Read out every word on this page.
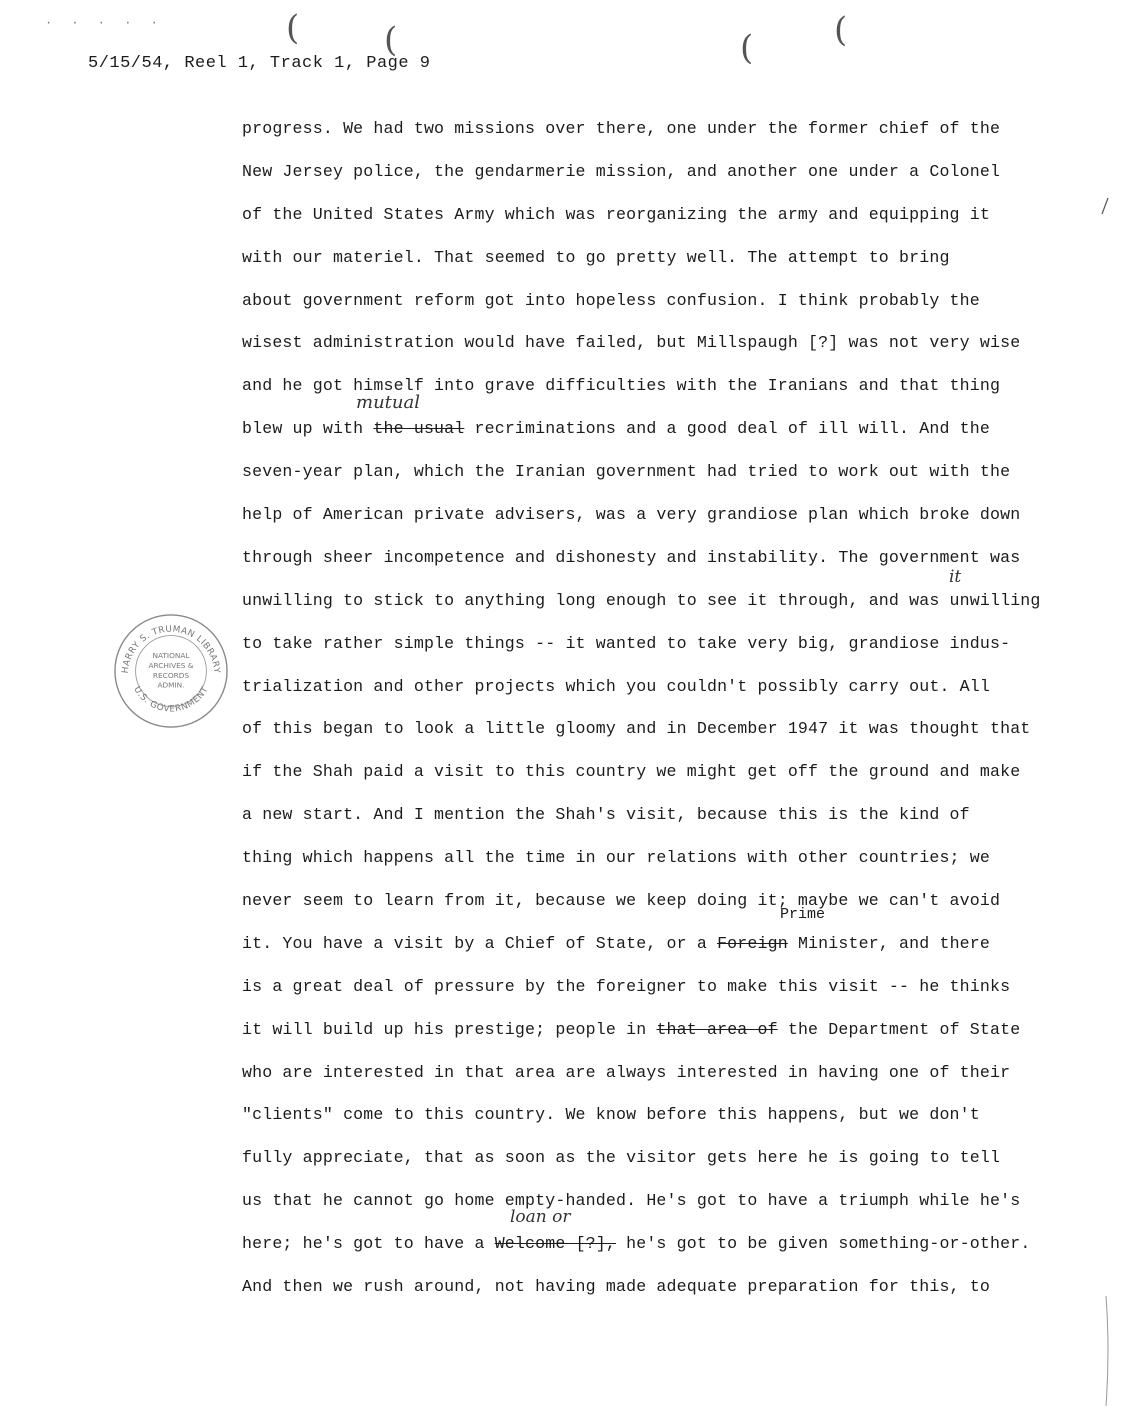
· · · · ·	( (	( (
5/15/54, Reel 1, Track 1, Page 9
progress. We had two missions over there, one under the former chief of the
New Jersey police, the gendarmerie mission, and another one under a Colonel
of the United States Army which was reorganizing the army and equipping it
with our materiel. That seemed to go pretty well. The attempt to bring
about government reform got into hopeless confusion. I think probably the
wisest administration would have failed, but Millspaugh [?] was not very wise
and he got himself into grave difficulties with the Iranians and that thing
blew up with the usual recriminations and a good deal of ill will. And the
seven-year plan, which the Iranian government had tried to work out with the
help of American private advisers, was a very grandiose plan which broke down
through sheer incompetence and dishonesty and instability. The government was
unwilling to stick to anything long enough to see it through, and was unwilling
to take rather simple things -- it wanted to take very big, grandiose indus-
trialization and other projects which you couldn't possibly carry out. All
of this began to look a little gloomy and in December 1947 it was thought that
if the Shah paid a visit to this country we might get off the ground and make
a new start. And I mention the Shah's visit, because this is the kind of
thing which happens all the time in our relations with other countries; we
never seem to learn from it, because we keep doing it; maybe we can't avoid
it. You have a visit by a Chief of State, or a Foreign Minister, and there
is a great deal of pressure by the foreigner to make this visit -- he thinks
it will build up his prestige; people in that area of the Department of State
who are interested in that area are always interested in having one of their
"clients" come to this country. We know before this happens, but we don't
fully appreciate, that as soon as the visitor gets here he is going to tell
us that he cannot go home empty-handed. He's got to have a triumph while he's
here; he's got to have a Welcome [?], he's got to be given something-or-other.
And then we rush around, not having made adequate preparation for this, to
mutual
it
Prime
loan or
HARRY S. TRUMAN LIBRARY
U.S. GOVERNMENT
NATIONAL
ARCHIVES &
RECORDS
ADMIN.
